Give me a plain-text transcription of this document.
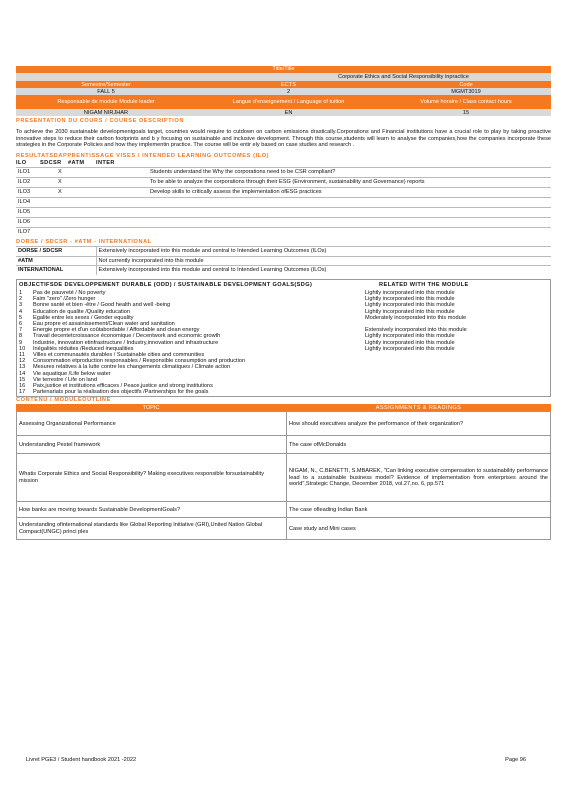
Title/Title
Corporate Ethics and Social Responsibility inpractice
Semestre/Semester	ECTS	Code
FALL 5	2	MGMT3019
Responsable de module Module leader	Langue d'enseignement / Language of tuition	Volume horaire / Class contact hours
NIGAM NIRJHAR	EN	15
PRESENTATION DU COURS / COURSE DESCRIPTION
To achieve the 2030 sustainable developmentgoals target, countries would require to cutdown on carbon emissions drastically.Corporations and Financial institutions have a crucial role to play by taking proactive innovative steps to reduce their carbon footprints and b y focusing on sustainable and inclusive development. Through this course,students will learn to analyse the companies,how the companies incorporate these strategies in the Corporate Policies and how they implementin practice. The course will be entir ely based on case studies and research .
RESULTATSDAPPRENTISSAGE VISES / INTENDED LEARNING OUTCOMES (ILO)
ILO	SDCSR	#ATM	INTER
ILO1	X	Students understand the Why the corporations need to be CSR compliant?
ILO2	X	To be able to analyze the corporations through their ESG (Environment, sustainability and Governance) reports
ILO3	X	Develop skills to critically assess the implementation ofESG practices
ILO4		
ILO5		
ILO6		
ILO7		
DORSE / SDCSR - #ATM - INTERNATIONAL
DORSE / SDCSR	Extensively incorporated into this module and central to Intended Learning Outcomes (ILOs)
#ATM	Not currently incorporated into this module
INTERNATIONAL	Extensively incorporated into this module and central to Intended Learning Outcomes (ILOs)
OBJECTIFSDE DEVELOPPEMENT DURABLE (ODD) / SUSTAINABLE DEVELOPMENT GOALS(SDG)	RELATED WITH THE MODULE
1	Pas de pauvreté / No poverty	Lightly incorporated into this module
2	Faim "zero" /Zero hunger	Lightly incorporated into this module
3	Bonne santé et bien -être / Good health and well -being	Lightly incorporated into this module
4	Education de qualite /Quality education	Lightly incorporated into this module
5	Egalite entre les sexes / Gender equality	Moderately incorporated into this module
6	Eau propre et assainissement/Clean water and sanitation
7	Energie propre et d'un coûtabordable / Affordable and clean energy	Extensively incorporated into this module
8	Travail decentetcroissance économique / Decentwork and economic growth	Lightly incorporated into this module
9	Industrie, innovation etinfrastructure / Industry,innovation and infrastructure	Lightly incorporated into this module
10	Inégalités réduites /Reduced inequalities	Lightly incorporated into this module
11	Villes et communautés durables / Sustainable cities and communities
12	Consommation etproduction responsables / Responsible consumption and production
13	Mesures relatives à la lutte contre les changements climatiques / Climate action
14	Vie aquatique /Life below water
15	Vie terrestre / Life on land
16	Paix,justice et institutions efficaces / Peace,justice and strong institutions
17	Partenariats pour la réalisation des objectifs /Partnerships for the goals
CONTENU / MODULEOUTLINE
TOPIC	ASSIGNMENTS & READINGS
Assessing Organizational Performance	How should executives analyze the performance of their organization?
Understanding Pestel framework	The case ofMcDonalds
Whatis Corporate Ethics and Social Responsibility? Making executives responsible forsustainability mission	NIGAM, N., C.BENETTI, S.MBAREK, "Can linking executive compensation to sustainability performance lead to a sustainable business model? Evidence of implementation from enterprises around the world",Strategic Change, December 2018, vol.27,no. 6, pp.571
How banks are moving towards Sustainable DevelopmentGoals?	The case ofleading Indian Bank
Understanding ofinternational standards like Global Reporting Initiative (GRI),United Nation Global Compact(UNGC) princi ples	Case study and Mini cases
Livret PGE3 / Student handbook 2021 -2022	Page 96
